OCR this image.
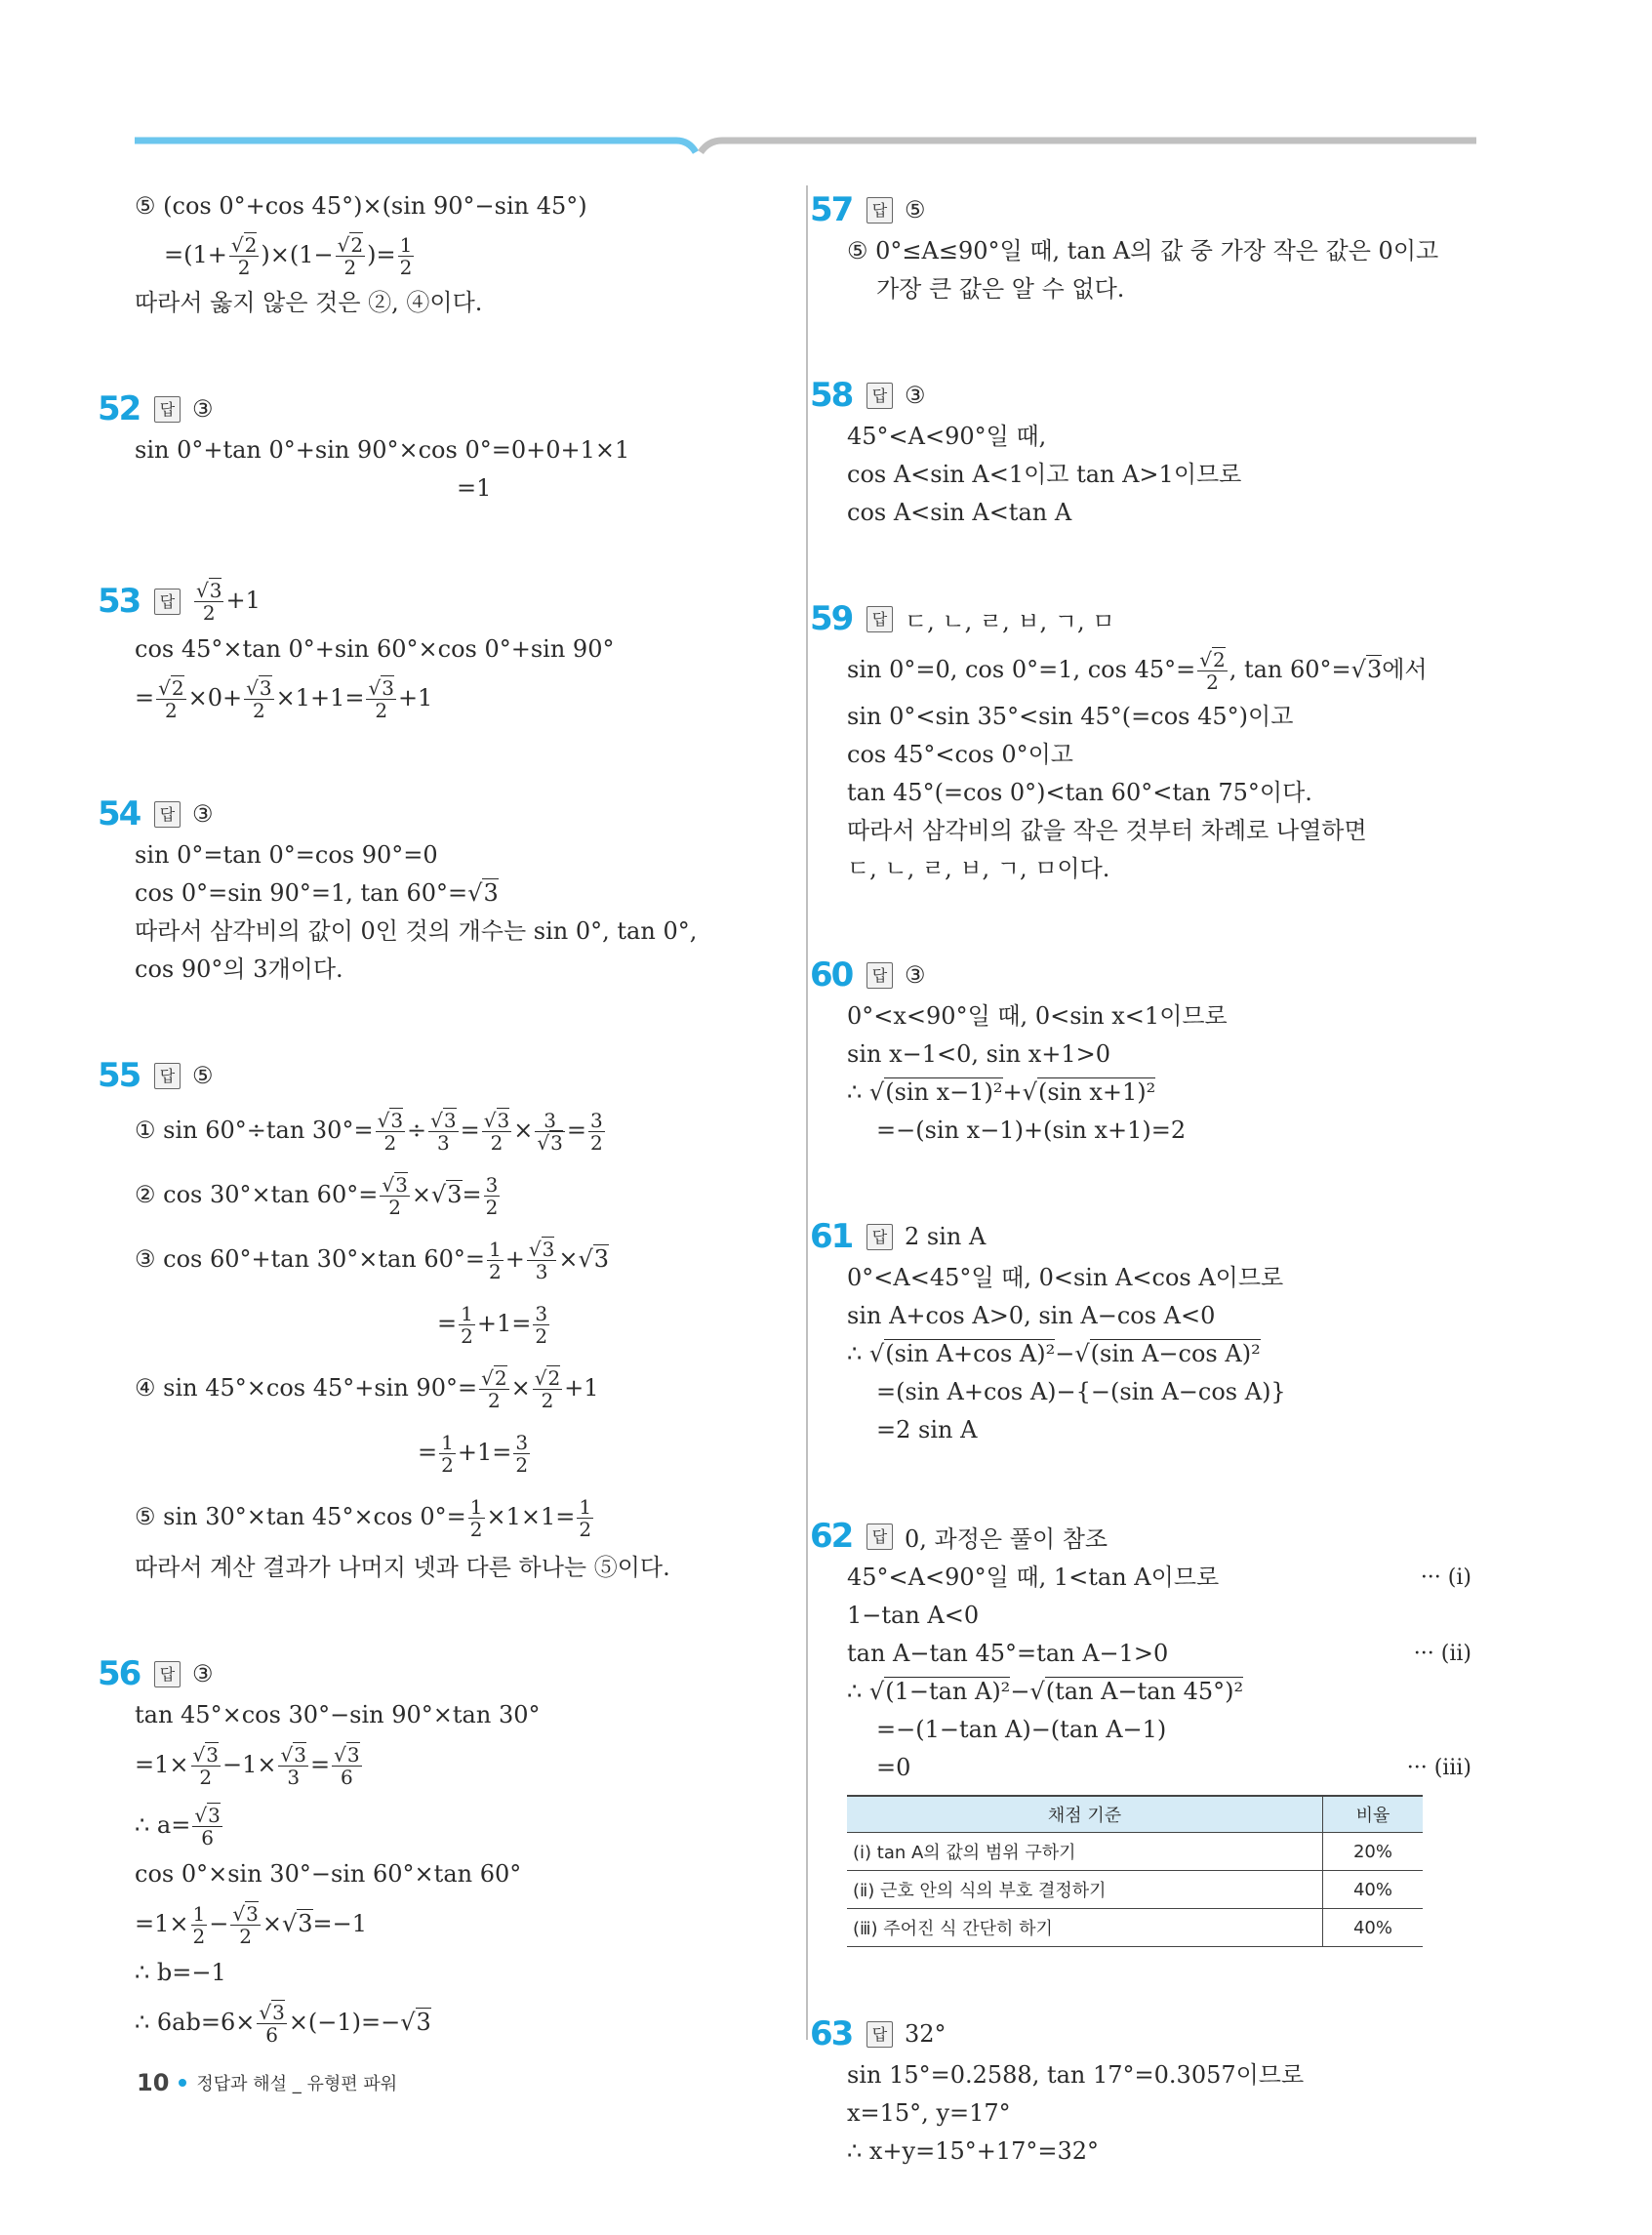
⑤ (cos 0°+cos 45°)×(sin 90°−sin 45°)
=(1+ √ $\frac{2}{2} )\times(1-$ √ $\frac{2}{2}$ )= $\frac{1}{2}$
따라서 옳지 않은 것은 ②, ④이다.
52	답 ③
sin 0°+tan 0°+sin 90°×cos 0°=0+0+1×1
=1
53	답 √ $\frac{3}{2} +1$
cos 45°×tan 0°+sin 60°×cos 0°+sin 90°
= √ $\frac{2}{2} \times 0+$ √ $\frac{3}{2} \times 1+1=$ √ $\frac{3}{2} +1$
54	답 ③
sin 0°=tan 0°=cos 90°=0
cos 0°=sin 90°=1, tan 60°= √ 3
따라서 삼각비의 값이 0인 것의 개수는 sin 0°, tan 0°,
cos 90°의 3개이다.
55	답 ⑤
① sin 60°÷tan 30°= √ $\frac{3}{2}$ ÷ √ $\frac{3}{3}$ = √ $\frac{3}{2} \times 3$
√ $3 = \frac{3}{2}$
② cos 30°×tan 60°= √ $\frac{3}{2}$ × √ $3= \frac{3}{2}$
③ cos 60°+tan 30°×tan $60^\circ= \frac{1}{2}$ + √ $\frac{3}{3}$ × √ 3
= $\frac{1}{2} +1= \frac{3}{2}$
④ sin 45°×cos 45°+sin 90°= √ $\frac{2}{2}$ × √ $\frac{2}{2} +1$
= $\frac{1}{2} +1= \frac{3}{2}$
⑤ sin 30°×tan 45°×cos $0^\circ= \frac{1}{2} \times 1\times 1= \frac{1}{2}$
따라서 계산 결과가 나머지 넷과 다른 하나는 ⑤이다.
56	답 ③
tan 45°×cos 30°−sin 90°×tan 30°
=1× √ $\frac{3}{2} -1\times$ √ $\frac{3}{3}$ = √ $\frac{3}{6}$
∴ a= √ $\frac{3}{6}$
cos 0°×sin 30°−sin 60°×tan 60°
$=1\times \frac{1}{2}$ − √ $\frac{3}{2}$ × √ 3=−1
∴ b=−1
∴ 6ab=6× √ $\frac{3}{6} \times(-1)=-$ √ 3
57	답 ⑤
⑤ 0°≤A≤90°일 때, tan A의 값 중 가장 작은 값은 0이고
가장 큰 값은 알 수 없다.
58	답 ③
45°<A<90°일 때,
cos A<sin A<1이고 tan A>1이므로
cos A<sin A<tan A
59	답 ㄷ, ㄴ, ㄹ, ㅂ, ㄱ, ㅁ
sin 0°=0, cos 0°=1, cos 45°= √ $\frac{2}{2}$ , tan 60°= √ 3에서
sin 0°<sin 35°<sin 45°(=cos 45°)이고
cos 45°<cos 0°이고
tan 45°(=cos 0°)<tan 60°<tan 75°이다.
따라서 삼각비의 값을 작은 것부터 차례로 나열하면
ㄷ, ㄴ, ㄹ, ㅂ, ㄱ, ㅁ이다.
60	답 ③
0°<x<90°일 때, 0<sin x<1이므로
sin x−1<0, sin x+1>0
∴ √ (sin x−1)²+ √ (sin x+1)²
=−(sin x−1)+(sin x+1)=2
61	답 2 sin A
0°<A<45°일 때, 0<sin A<cos A이므로
sin A+cos A>0, sin A−cos A<0
∴ √ (sin A+cos A)²− √ (sin A−cos A)²
=(sin A+cos A)−{−(sin A−cos A)}
=2 sin A
62	답 0, 과정은 풀이 참조
45°<A<90°일 때, 1<tan A이므로	··· (ⅰ)
1−tan A<0
tan A−tan 45°=tan A−1>0	··· (ⅱ)
∴ √ (1−tan A)²− √ (tan A−tan 45°)²
=−(1−tan A)−(tan A−1)
=0	··· (ⅲ)
채점 기준	비율
(ⅰ) tan A의 값의 범위 구하기	20%
(ⅱ) 근호 안의 식의 부호 결정하기	40%
(ⅲ) 주어진 식 간단히 하기	40%
63	답 32°
sin 15°=0.2588, tan 17°=0.3057이므로
x=15°, y=17°
∴ x+y=15°+17°=32°
10 정답과 해설 _ 유형편 파워
